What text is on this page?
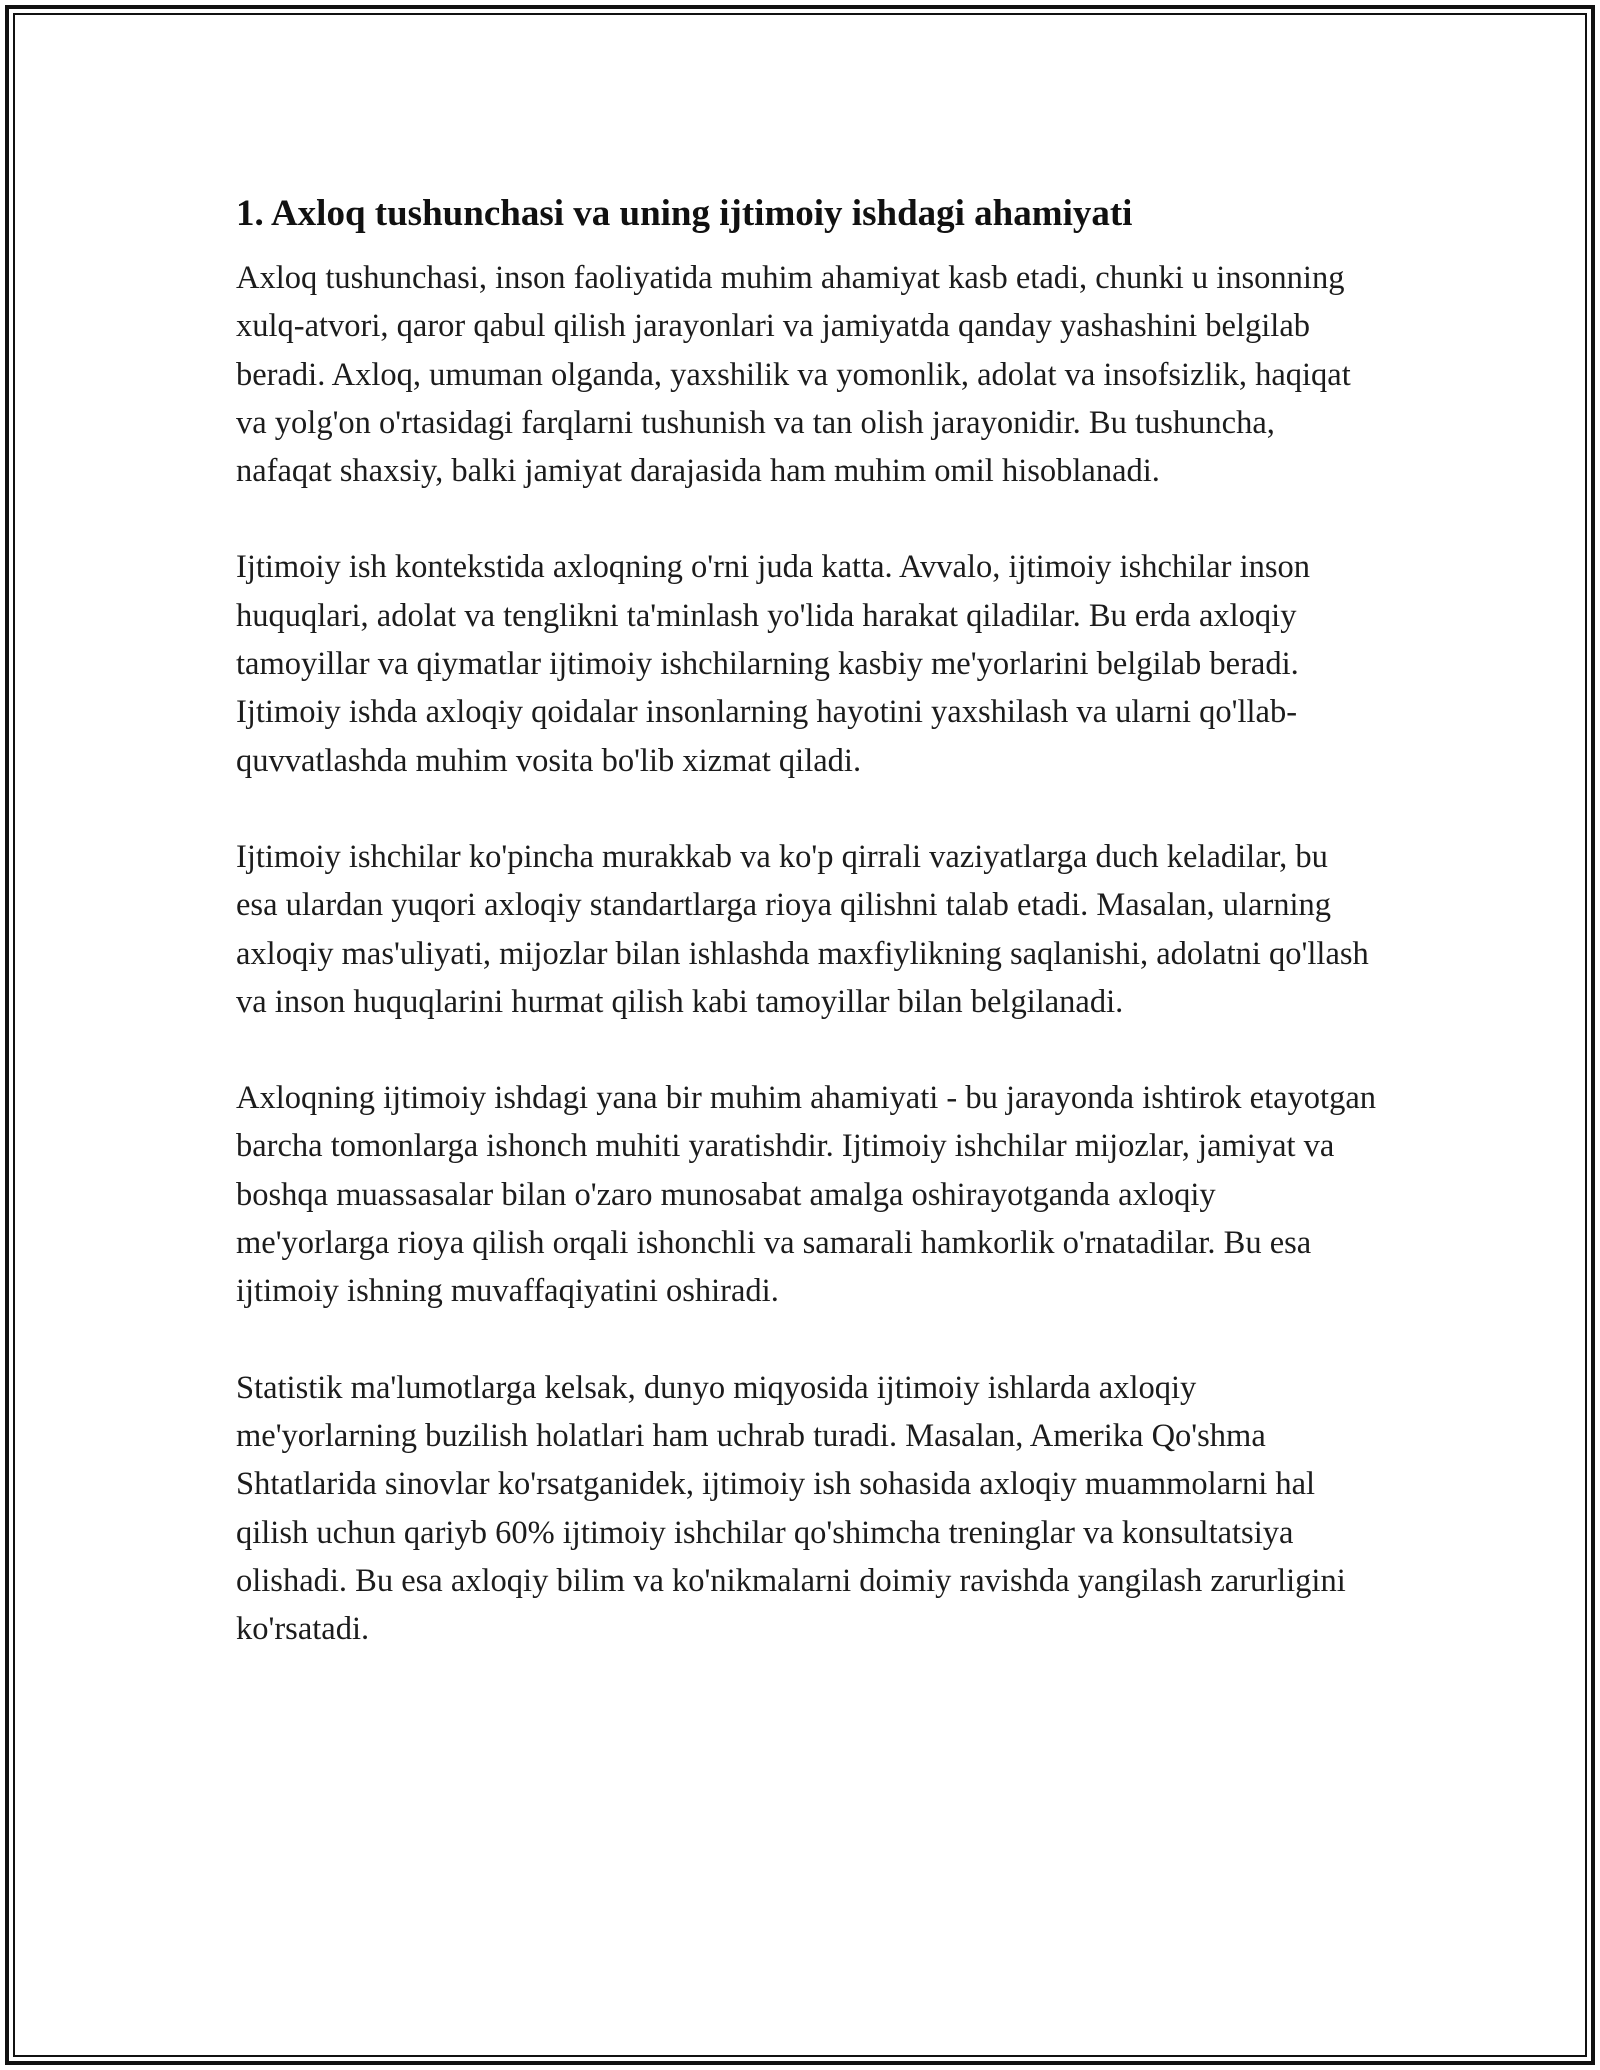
1. Axloq tushunchasi va uning ijtimoiy ishdagi ahamiyati

Axloq tushunchasi, inson faoliyatida muhim ahamiyat kasb etadi, chunki u insonning xulq-atvori, qaror qabul qilish jarayonlari va jamiyatda qanday yashashini belgilab beradi. Axloq, umuman olganda, yaxshilik va yomonlik, adolat va insofsizlik, haqiqat va yolg'on o'rtasidagi farqlarni tushunish va tan olish jarayonidir. Bu tushuncha, nafaqat shaxsiy, balki jamiyat darajasida ham muhim omil hisoblanadi.

Ijtimoiy ish kontekstida axloqning o'rni juda katta. Avvalo, ijtimoiy ishchilar inson huquqlari, adolat va tenglikni ta'minlash yo'lida harakat qiladilar. Bu erda axloqiy tamoyillar va qiymatlar ijtimoiy ishchilarning kasbiy me'yorlarini belgilab beradi. Ijtimoiy ishda axloqiy qoidalar insonlarning hayotini yaxshilash va ularni qo'llab-quvvatlashda muhim vosita bo'lib xizmat qiladi.

Ijtimoiy ishchilar ko'pincha murakkab va ko'p qirrali vaziyatlarga duch keladilar, bu esa ulardan yuqori axloqiy standartlarga rioya qilishni talab etadi. Masalan, ularning axloqiy mas'uliyati, mijozlar bilan ishlashda maxfiylikning saqlanishi, adolatni qo'llash va inson huquqlarini hurmat qilish kabi tamoyillar bilan belgilanadi.

Axloqning ijtimoiy ishdagi yana bir muhim ahamiyati - bu jarayonda ishtirok etayotgan barcha tomonlarga ishonch muhiti yaratishdir. Ijtimoiy ishchilar mijozlar, jamiyat va boshqa muassasalar bilan o'zaro munosabat amalga oshirayotganda axloqiy me'yorlarga rioya qilish orqali ishonchli va samarali hamkorlik o'rnatadilar. Bu esa ijtimoiy ishning muvaffaqiyatini oshiradi.

Statistik ma'lumotlarga kelsak, dunyo miqyosida ijtimoiy ishlarda axloqiy me'yorlarning buzilish holatlari ham uchrab turadi. Masalan, Amerika Qo'shma Shtatlarida sinovlar ko'rsatganidek, ijtimoiy ish sohasida axloqiy muammolarni hal qilish uchun qariyb 60% ijtimoiy ishchilar qo'shimcha treninglar va konsultatsiya olishadi. Bu esa axloqiy bilim va ko'nikmalarni doimiy ravishda yangilash zarurligini ko'rsatadi.
